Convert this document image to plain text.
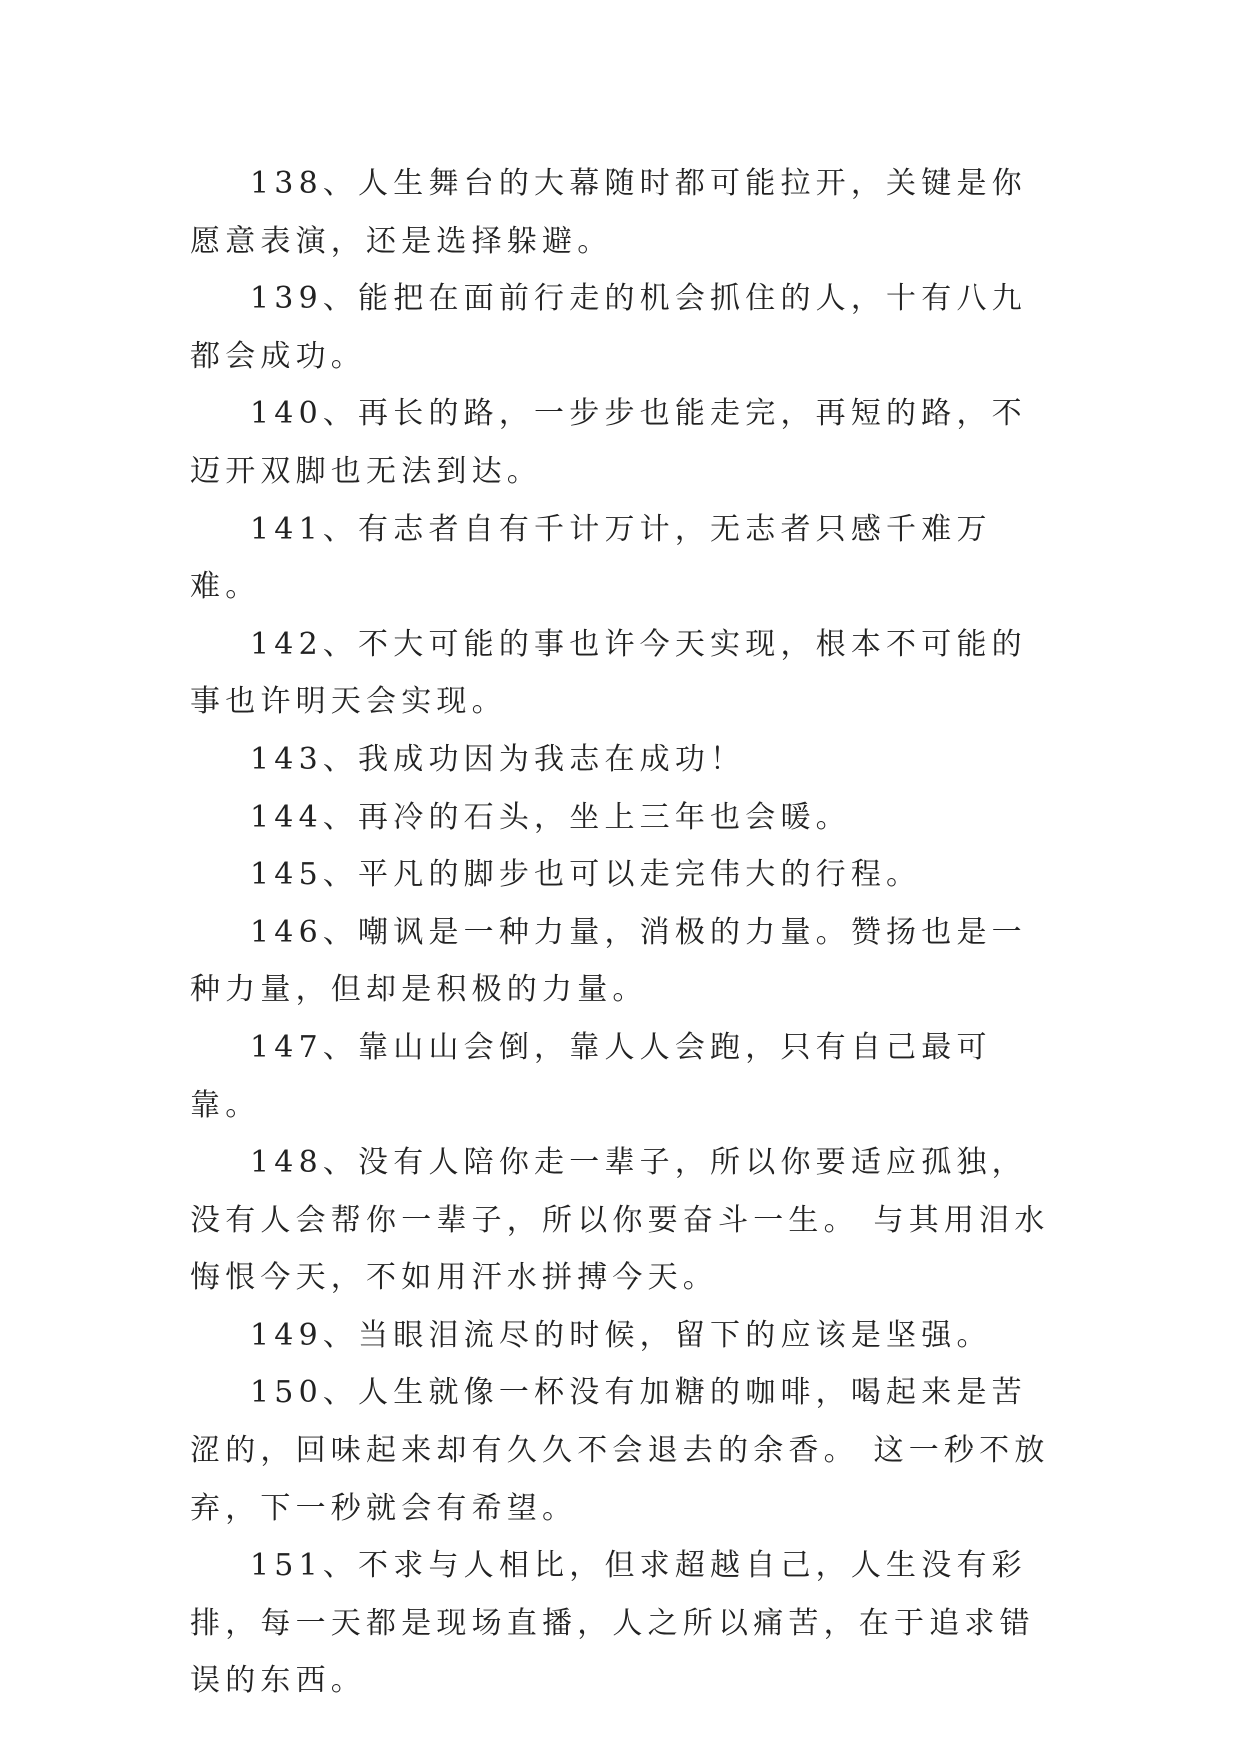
138、人生舞台的大幕随时都可能拉开，关键是你愿意表演，还是选择躲避。

139、能把在面前行走的机会抓住的人，十有八九都会成功。

140、再长的路，一步步也能走完，再短的路，不迈开双脚也无法到达。

141、有志者自有千计万计，无志者只感千难万难。

142、不大可能的事也许今天实现，根本不可能的事也许明天会实现。

143、我成功因为我志在成功！

144、再冷的石头，坐上三年也会暖。

145、平凡的脚步也可以走完伟大的行程。

146、嘲讽是一种力量，消极的力量。赞扬也是一种力量，但却是积极的力量。

147、靠山山会倒，靠人人会跑，只有自己最可靠。

148、没有人陪你走一辈子，所以你要适应孤独，没有人会帮你一辈子，所以你要奋斗一生。 与其用泪水悔恨今天，不如用汗水拼搏今天。

149、当眼泪流尽的时候，留下的应该是坚强。

150、人生就像一杯没有加糖的咖啡，喝起来是苦涩的，回味起来却有久久不会退去的余香。 这一秒不放弃，下一秒就会有希望。

151、不求与人相比，但求超越自己，人生没有彩排，每一天都是现场直播，人之所以痛苦，在于追求错误的东西。
